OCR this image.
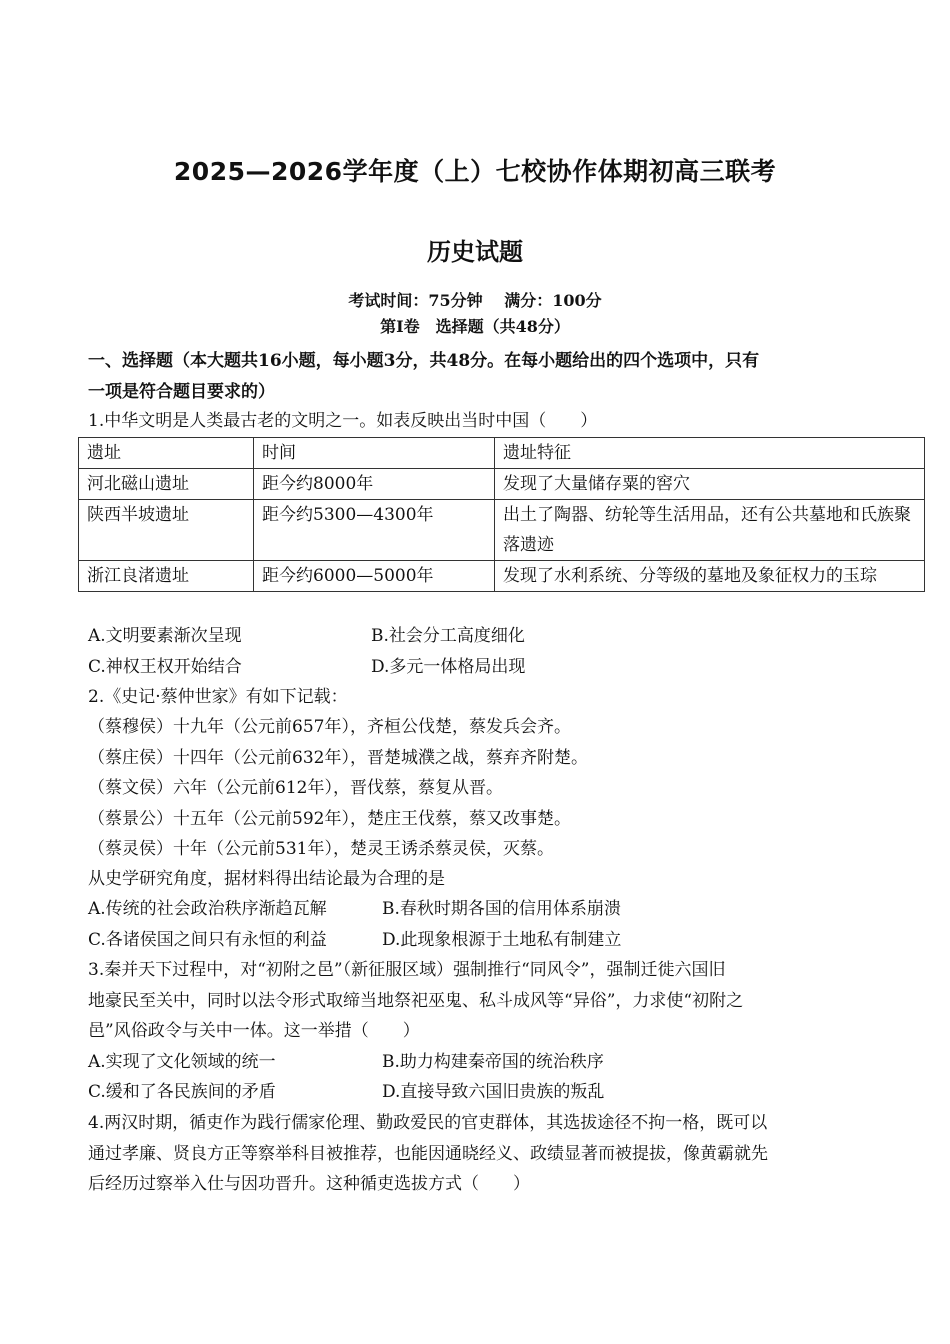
2025—2026学年度（上）七校协作体期初高三联考
历史试题
考试时间：75分钟 满分：100分
第Ⅰ卷　选择题（共48分）
一、选择题（本大题共16小题，每小题3分，共48分。在每小题给出的四个选项中，只有
一项是符合题目要求的）
1.中华文明是人类最古老的文明之一。如表反映出当时中国（　　）
遗址	时间	遗址特征
河北磁山遗址	距今约8000年	发现了大量储存粟的窖穴
陕西半坡遗址	距今约5300—4300年	出土了陶器、纺轮等生活用品，还有公共墓地和氏族聚落遗迹
浙江良渚遗址	距今约6000—5000年	发现了水利系统、分等级的墓地及象征权力的玉琮
A.文明要素渐次呈现	B.社会分工高度细化
C.神权王权开始结合	D.多元一体格局出现
2.《史记·蔡仲世家》有如下记载：
（蔡穆侯）十九年（公元前657年），齐桓公伐楚，蔡发兵会齐。
（蔡庄侯）十四年（公元前632年），晋楚城濮之战，蔡弃齐附楚。
（蔡文侯）六年（公元前612年），晋伐蔡，蔡复从晋。
（蔡景公）十五年（公元前592年），楚庄王伐蔡，蔡又改事楚。
（蔡灵侯）十年（公元前531年），楚灵王诱杀蔡灵侯，灭蔡。
从史学研究角度，据材料得出结论最为合理的是
A.传统的社会政治秩序渐趋瓦解	B.春秋时期各国的信用体系崩溃
C.各诸侯国之间只有永恒的利益	D.此现象根源于土地私有制建立
3.秦并天下过程中，对“初附之邑”（新征服区域）强制推行“同风令”，强制迁徙六国旧
地豪民至关中，同时以法令形式取缔当地祭祀巫鬼、私斗成风等“异俗”，力求使“初附之
邑”风俗政令与关中一体。这一举措（　　）
A.实现了文化领域的统一	B.助力构建秦帝国的统治秩序
C.缓和了各民族间的矛盾	D.直接导致六国旧贵族的叛乱
4.两汉时期，循吏作为践行儒家伦理、勤政爱民的官吏群体，其选拔途径不拘一格，既可以
通过孝廉、贤良方正等察举科目被推荐，也能因通晓经义、政绩显著而被提拔，像黄霸就先
后经历过察举入仕与因功晋升。这种循吏选拔方式（　　）
